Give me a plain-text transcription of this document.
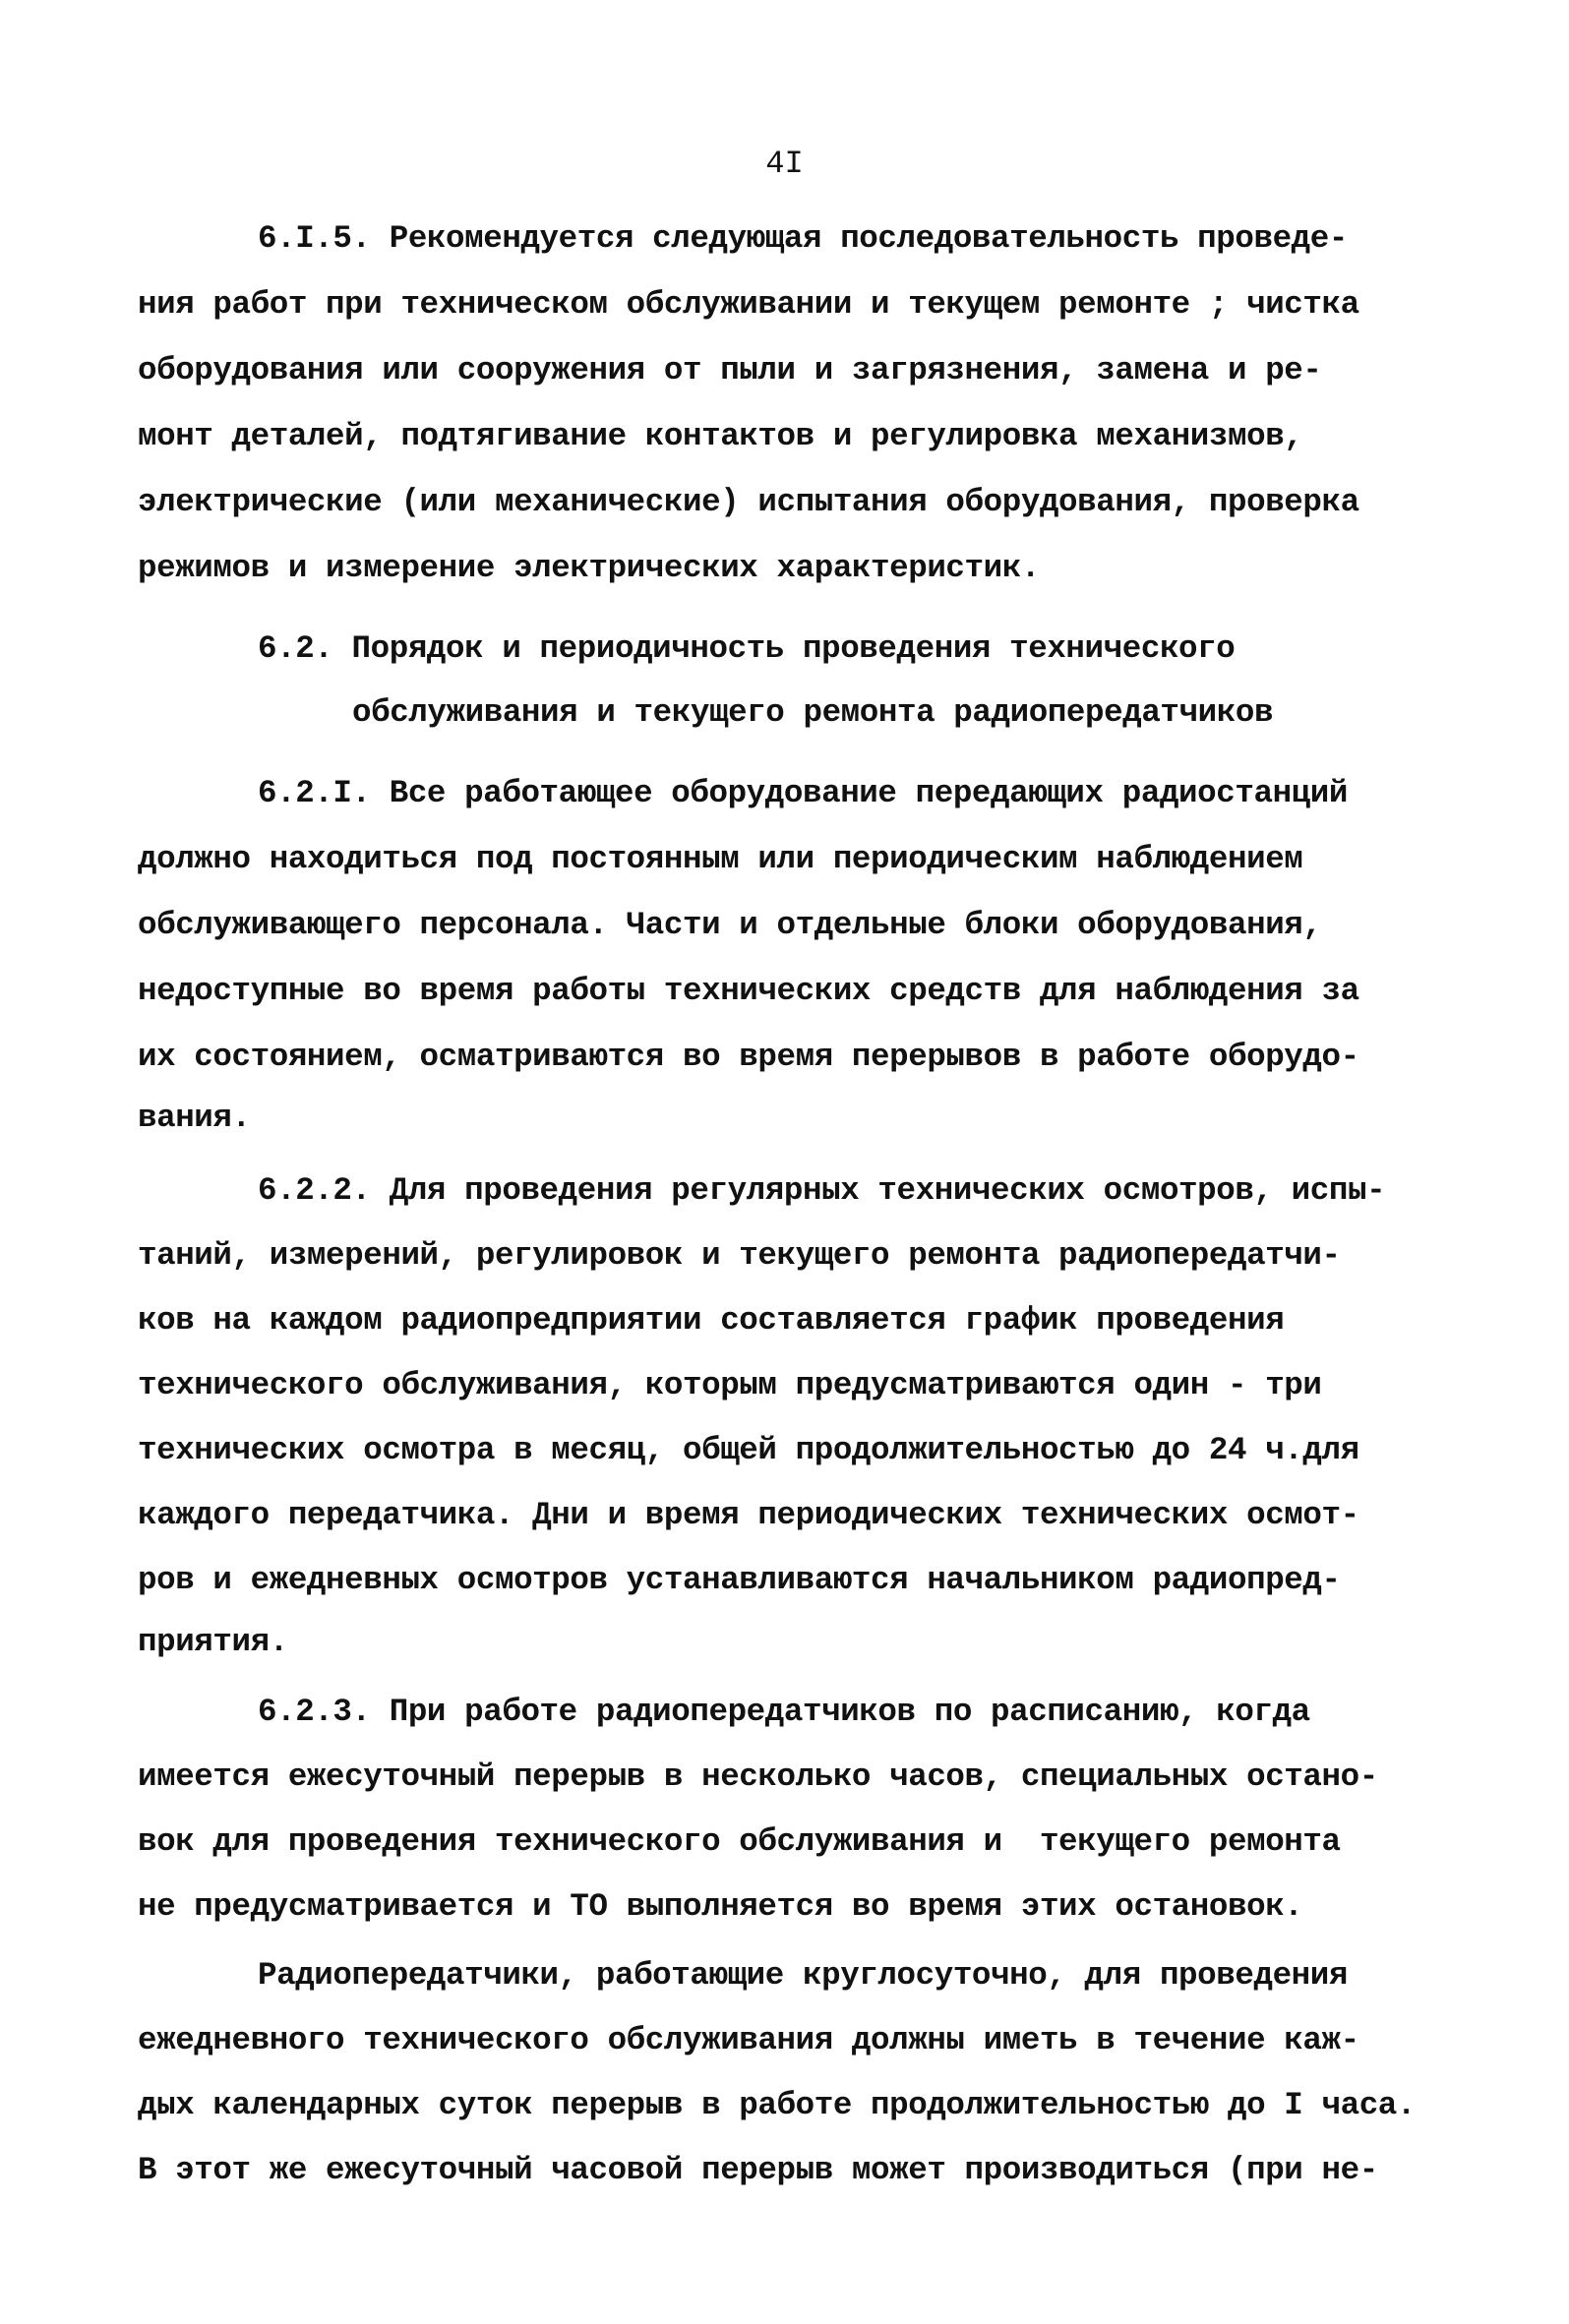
4I
6.I.5. Рекомендуется следующая последовательность проведе-
ния работ при техническом обслуживании и текущем ремонте ; чистка
оборудования или сооружения от пыли и загрязнения, замена и ре-
монт деталей, подтягивание контактов и регулировка механизмов,
электрические (или механические) испытания оборудования, проверка
режимов и измерение электрических характеристик.
6.2. Порядок и периодичность проведения технического
обслуживания и текущего ремонта радиопередатчиков
6.2.I. Все работающее оборудование передающих радиостанций
должно находиться под постоянным или периодическим наблюдением
обслуживающего персонала. Части и отдельные блоки оборудования,
недоступные во время работы технических средств для наблюдения за
их состоянием, осматриваются во время перерывов в работе оборудо-
вания.
6.2.2. Для проведения регулярных технических осмотров, испы-
таний, измерений, регулировок и текущего ремонта радиопередатчи-
ков на каждом радиопредприятии составляется график проведения
технического обслуживания, которым предусматриваются один - три
технических осмотра в месяц, общей продолжительностью до 24 ч.для
каждого передатчика. Дни и время периодических технических осмот-
ров и ежедневных осмотров устанавливаются начальником радиопред-
приятия.
6.2.3. При работе радиопередатчиков по расписанию, когда
имеется ежесуточный перерыв в несколько часов, специальных остано-
вок для проведения технического обслуживания и  текущего ремонта
не предусматривается и ТО выполняется во время этих остановок.
Радиопередатчики, работающие круглосуточно, для проведения
ежедневного технического обслуживания должны иметь в течение каж-
дых календарных суток перерыв в работе продолжительностью до I часа.
В этот же ежесуточный часовой перерыв может производиться (при не-
